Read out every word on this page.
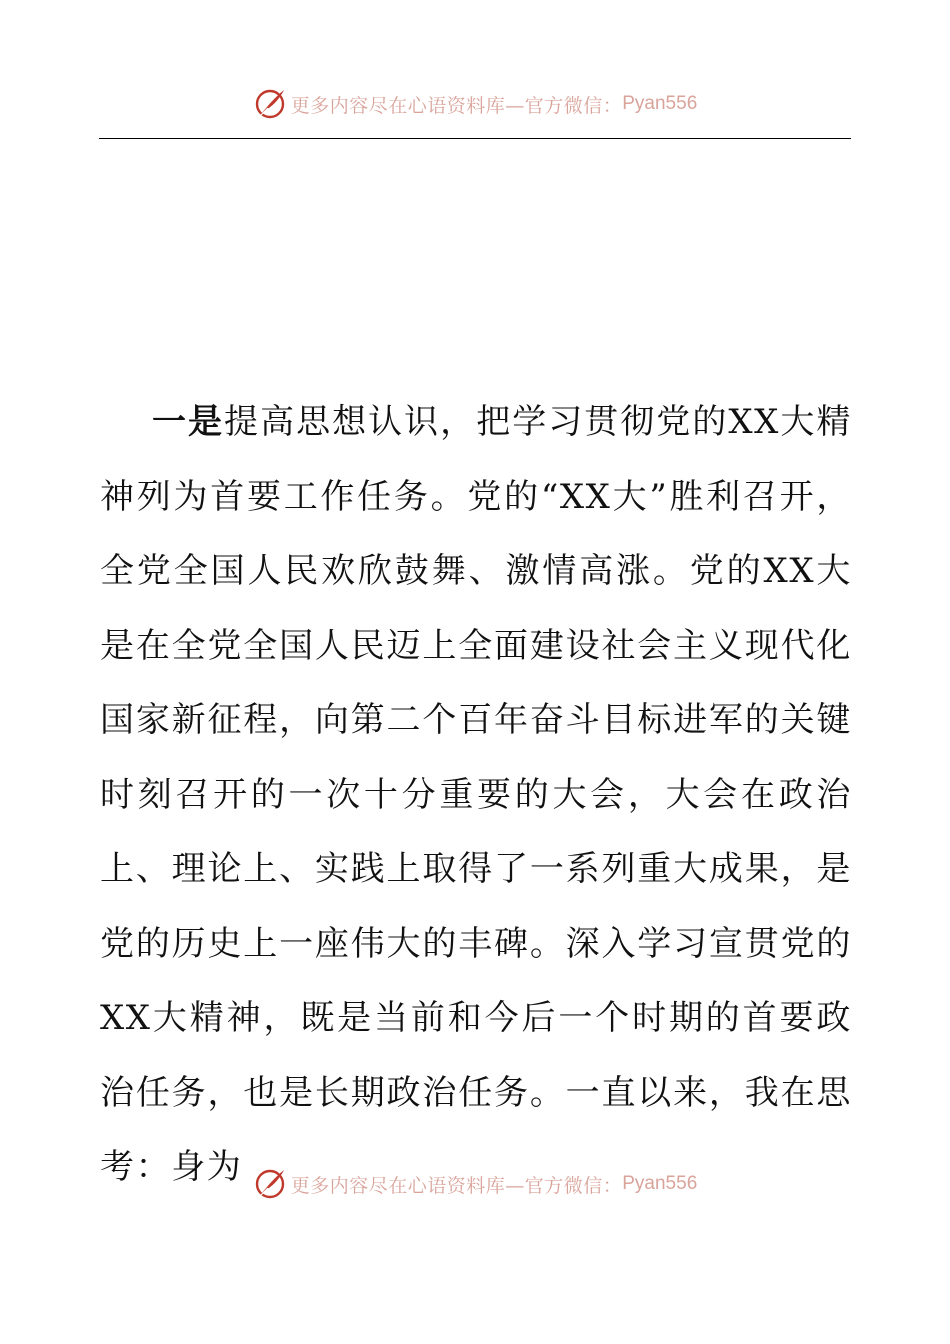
更多内容尽在心语资料库—官方微信： Pyan556

一是提高思想认识，把学习贯彻党的XX大精神列为首要工作任务。党的“XX大”胜利召开，全党全国人民欢欣鼓舞、激情高涨。党的XX大是在全党全国人民迈上全面建设社会主义现代化国家新征程，向第二个百年奋斗目标进军的关键时刻召开的一次十分重要的大会，大会在政治上、理论上、实践上取得了一系列重大成果，是党的历史上一座伟大的丰碑。深入学习宣贯党的XX大精神，既是当前和今后一个时期的首要政治任务，也是长期政治任务。一直以来，我在思考：身为	更多内容尽在心语资料库—官方微信： Pyan556
